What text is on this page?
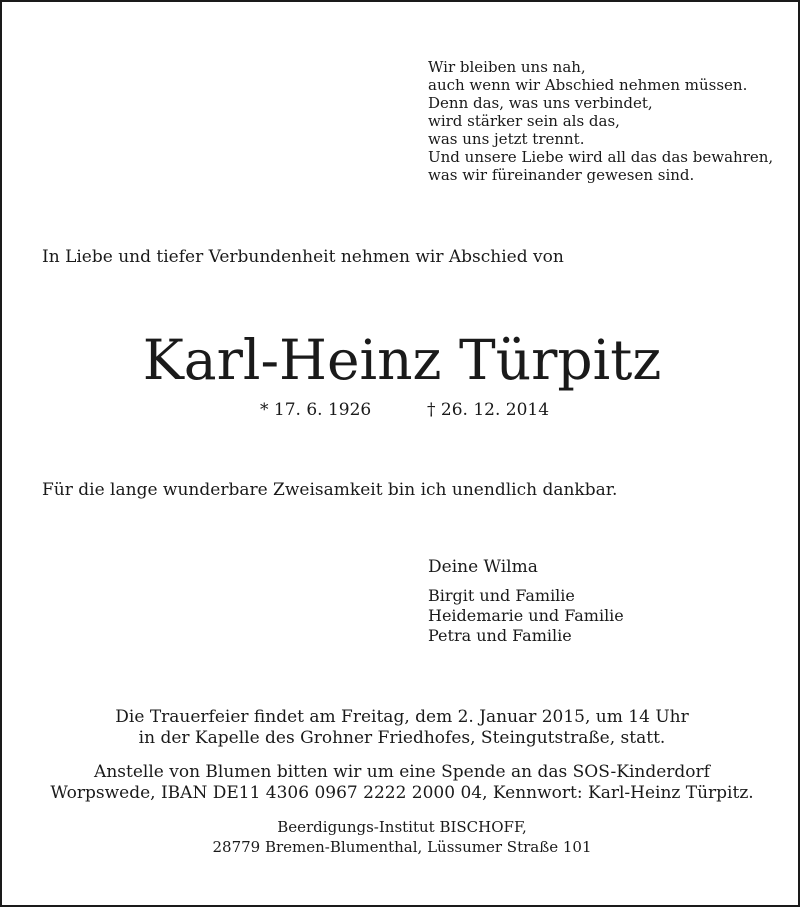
Wir bleiben uns nah,
auch wenn wir Abschied nehmen müssen.
Denn das, was uns verbindet,
wird stärker sein als das,
was uns jetzt trennt.
Und unsere Liebe wird all das das bewahren,
was wir füreinander gewesen sind.
In Liebe und tiefer Verbundenheit nehmen wir Abschied von
Karl-Heinz Türpitz
* 17. 6. 1926	† 26. 12. 2014
Für die lange wunderbare Zweisamkeit bin ich unendlich dankbar.
Deine Wilma
Birgit und Familie
Heidemarie und Familie
Petra und Familie
Die Trauerfeier findet am Freitag, dem 2. Januar 2015, um 14 Uhr
in der Kapelle des Grohner Friedhofes, Steingutstraße, statt.
Anstelle von Blumen bitten wir um eine Spende an das SOS-Kinderdorf
Worpswede, IBAN DE11 4306 0967 2222 2000 04, Kennwort: Karl-Heinz Türpitz.
Beerdigungs-Institut BISCHOFF,
28779 Bremen-Blumenthal, Lüssumer Straße 101
